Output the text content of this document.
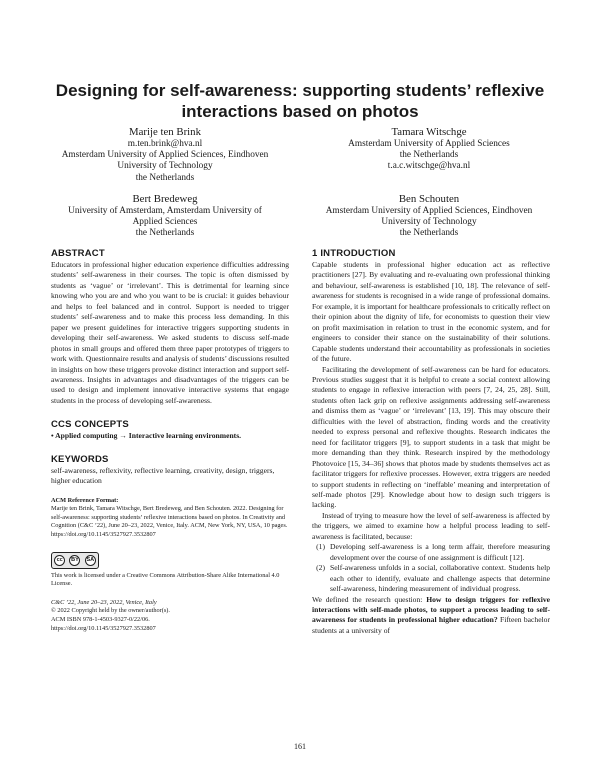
Designing for self-awareness: supporting students’ reflexive
interactions based on photos
Marije ten Brink
m.ten.brink@hva.nl
Amsterdam University of Applied Sciences, Eindhoven
University of Technology
the Netherlands
Tamara Witschge
Amsterdam University of Applied Sciences
the Netherlands
t.a.c.witschge@hva.nl
Bert Bredeweg
University of Amsterdam, Amsterdam University of
Applied Sciences
the Netherlands
Ben Schouten
Amsterdam University of Applied Sciences, Eindhoven
University of Technology
the Netherlands

ABSTRACT

Educators in professional higher education experience difficulties addressing students’ self-awareness in their courses. The topic is often dismissed by students as ‘vague’ or ‘irrelevant’. This is detrimental for learning since knowing who you are and who you want to be is crucial: it guides behaviour and helps to feel balanced and in control. Support is needed to trigger students’ self-awareness and to make this process less demanding. In this paper we present guidelines for interactive triggers supporting students in developing their self-awareness. We asked students to discuss self-made photos in small groups and offered them three paper prototypes of triggers to work with. Questionnaire results and analysis of students’ discussions resulted in insights on how these triggers provoke distinct interaction and support self-awareness. Insights in advantages and disadvantages of the triggers can be used to design and implement innovative interactive systems that engage students in the process of developing self-awareness.

CCS CONCEPTS

• Applied computing → Interactive learning environments.

KEYWORDS

self-awareness, reflexivity, reflective learning, creativity, design, triggers, higher education

ACM Reference Format:
Marije ten Brink, Tamara Witschge, Bert Bredeweg, and Ben Schouten. 2022. Designing for self-awareness: supporting students’ reflexive interactions based on photos. In Creativity and Cognition (C&C ’22), June 20–23, 2022, Venice, Italy. ACM, New York, NY, USA, 10 pages. https://doi.org/10.1145/3527927.3532807
cc	BY	SA
This work is licensed under a Creative Commons Attribution-Share Alike International 4.0 License.
C&C ’22, June 20–23, 2022, Venice, Italy
© 2022 Copyright held by the owner/author(s).
ACM ISBN 978-1-4503-9327-0/22/06.
https://doi.org/10.1145/3527927.3532807

1 INTRODUCTION

Capable students in professional higher education act as reflective practitioners [27]. By evaluating and re-evaluating own professional thinking and behaviour, self-awareness is established [10, 18]. The relevance of self-awareness for students is recognised in a wide range of professional domains. For example, it is important for healthcare professionals to critically reflect on their opinion about the dignity of life, for economists to question their view on profit maximisation in relation to trust in the economic system, and for engineers to consider their stance on the sustainability of their solutions. Capable students understand their accountability as professionals in societies of the future.

Facilitating the development of self-awareness can be hard for educators. Previous studies suggest that it is helpful to create a social context allowing students to engage in reflexive interaction with peers [7, 24, 25, 28]. Still, students often lack grip on reflexive assignments addressing self-awareness and dismiss them as ‘vague’ or ‘irrelevant’ [13, 19]. This may obscure their difficulties with the level of abstraction, finding words and the creativity needed to express personal and reflexive thoughts. Research indicates the need for facilitator triggers [9], to support students in a task that might be more demanding than they think. Research inspired by the methodology Photovoice [15, 34–36] shows that photos made by students themselves act as facilitator triggers for reflexive processes. However, extra triggers are needed to support students in reflecting on ‘ineffable’ meaning and interpretation of self-made photos [29]. Knowledge about how to design such triggers is lacking.

Instead of trying to measure how the level of self-awareness is affected by the triggers, we aimed to examine how a helpful process leading to self-awareness is facilitated, because:

(1) Developing self-awareness is a long term affair, therefore measuring development over the course of one assignment is difficult [12].
(2) Self-awareness unfolds in a social, collaborative context. Students help each other to identify, evaluate and challenge aspects that determine self-awareness, hindering measurement of individual progress.

We defined the research question: How to design triggers for reflexive interactions with self-made photos, to support a process leading to self-awareness for students in professional higher education? Fifteen bachelor students at a university of

161
